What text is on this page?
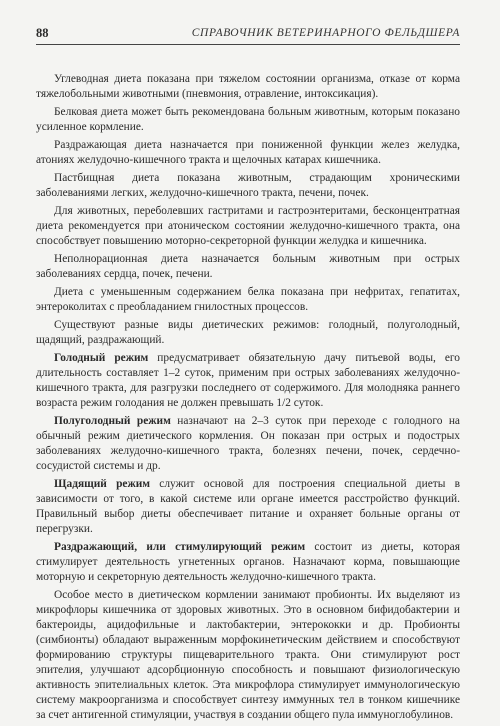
88	СПРАВОЧНИК ВЕТЕРИНАРНОГО ФЕЛЬДШЕРА

Углеводная диета показана при тяжелом состоянии организма, отказе от корма тяжелобольными животными (пневмония, отравление, интоксикация).

Белковая диета может быть рекомендована больным животным, которым показано усиленное кормление.

Раздражающая диета назначается при пониженной функции желез желудка, атониях желудочно-кишечного тракта и щелочных катарах кишечника.

Пастбищная диета показана животным, страдающим хроническими заболеваниями легких, желудочно-кишечного тракта, печени, почек.

Для животных, переболевших гастритами и гастроэнтеритами, бесконцентратная диета рекомендуется при атоническом состоянии желудочно-кишечного тракта, она способствует повышению моторно-секреторной функции желудка и кишечника.

Неполнорационная диета назначается больным животным при острых заболеваниях сердца, почек, печени.

Диета с уменьшенным содержанием белка показана при нефритах, гепатитах, энтероколитах с преобладанием гнилостных процессов.

Существуют разные виды диетических режимов: голодный, полуголодный, щадящий, раздражающий.

Голодный режим предусматривает обязательную дачу питьевой воды, его длительность составляет 1–2 суток, применим при острых заболеваниях желудочно-кишечного тракта, для разгрузки последнего от содержимого. Для молодняка раннего возраста режим голодания не должен превышать 1/2 суток.

Полуголодный режим назначают на 2–3 суток при переходе с голодного на обычный режим диетического кормления. Он показан при острых и подострых заболеваниях желудочно-кишечного тракта, болезнях печени, почек, сердечно-сосудистой системы и др.

Щадящий режим служит основой для построения специальной диеты в зависимости от того, в какой системе или органе имеется расстройство функций. Правильный выбор диеты обеспечивает питание и охраняет больные органы от перегрузки.

Раздражающий, или стимулирующий режим состоит из диеты, которая стимулирует деятельность угнетенных органов. Назначают корма, повышающие моторную и секреторную деятельность желудочно-кишечного тракта.

Особое место в диетическом кормлении занимают пробионты. Их выделяют из микрофлоры кишечника от здоровых животных. Это в основном бифидобактерии и бактероиды, ацидофильные и лактобактерии, энтерококки и др. Пробионты (симбионты) обладают выраженным морфокинетическим действием и способствуют формированию структуры пищеварительного тракта. Они стимулируют рост эпителия, улучшают адсорбционную способность и повышают физиологическую активность эпителиальных клеток. Эта микрофлора стимулирует иммунологическую систему макроорганизма и способствует синтезу иммунных тел в тонком кишечнике за счет антигенной стимуляции, участвуя в создании общего пула иммуноглобулинов.
